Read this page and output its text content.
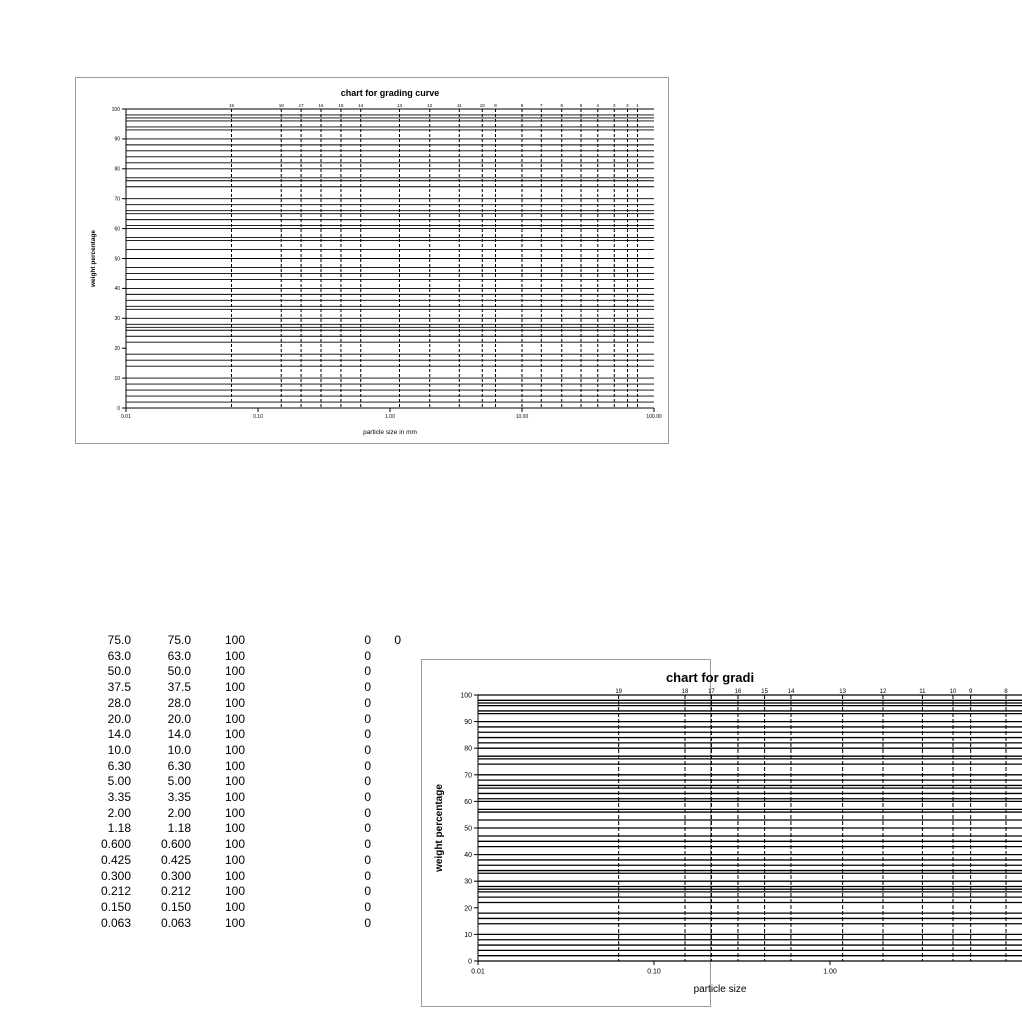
chart for grading curve
19	18	17	16	15	14	13	12	11	10 9	8	7	6	5	4	3 2 1
0
10
20
30
40
50
60
70
80
90
100
0.01	0.10	1.00	10.00	100.00
particle size in mm
weight percentage
75.0	75.0	100	0 0
63.0	63.0	100	0
50.0	50.0	100	0
37.5	37.5	100	0
28.0	28.0	100	0
20.0	20.0	100	0
14.0	14.0	100	0
10.0	10.0	100	0
6.30	6.30	100	0
5.00	5.00	100	0
3.35	3.35	100	0
2.00	2.00	100	0
1.18	1.18	100	0
0.600	0.600	100	0
0.425	0.425	100	0
0.300	0.300	100	0
0.212	0.212	100	0
0.150	0.150	100	0
0.063	0.063	100	0
chart for gradi
19	18	17	16	15	14	13	12	11	10 9	8
0
10
20
30
40
50
60
70
80
90
100
0.01	0.10	1.00
particle size
weight percentage
